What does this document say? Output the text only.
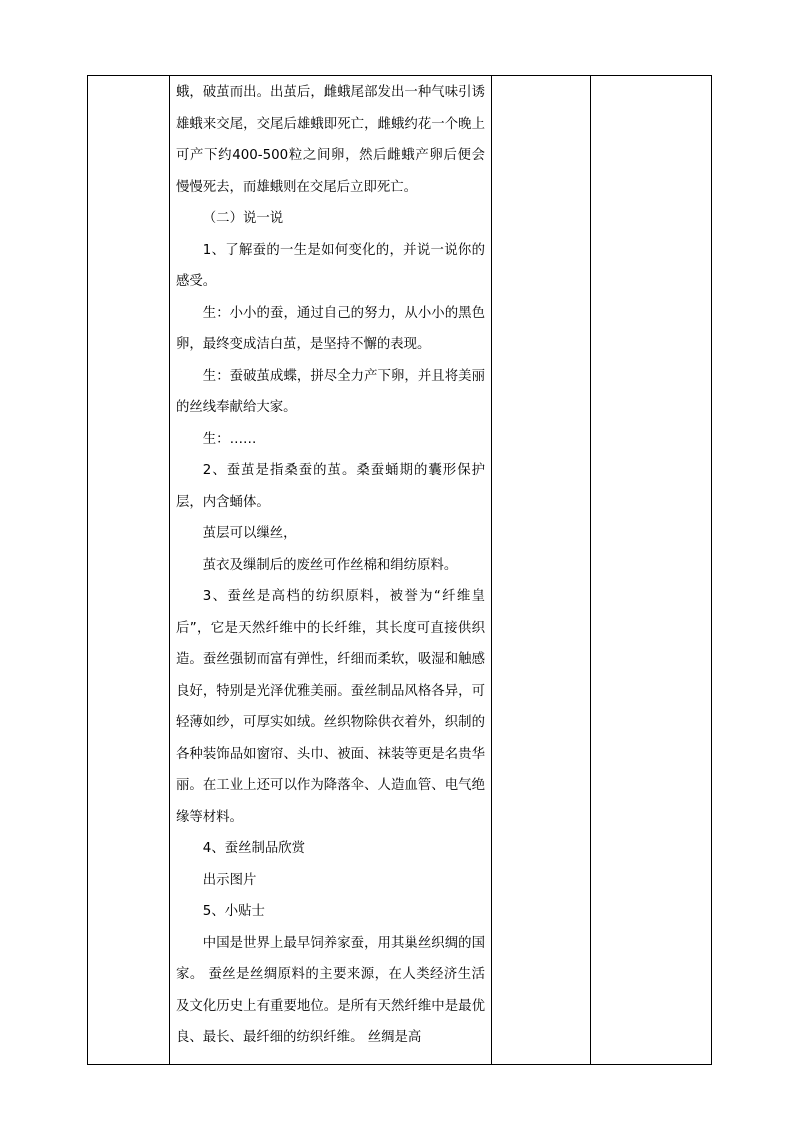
蛾，破茧而出。出茧后，雌蛾尾部发出一种气味引诱雄蛾来交尾，交尾后雄蛾即死亡，雌蛾约花一个晚上可产下约400-500粒之间卵，然后雌蛾产卵后便会慢慢死去，而雄蛾则在交尾后立即死亡。

（二）说一说

1、了解蚕的一生是如何变化的，并说一说你的感受。

生：小小的蚕，通过自己的努力，从小小的黑色卵，最终变成洁白茧，是坚持不懈的表现。

生：蚕破茧成蝶，拼尽全力产下卵，并且将美丽的丝线奉献给大家。

生：……

2、蚕茧是指桑蚕的茧。桑蚕蛹期的囊形保护层，内含蛹体。

茧层可以缫丝，

茧衣及缫制后的废丝可作丝棉和绢纺原料。

3、蚕丝是高档的纺织原料，被誉为“纤维皇后”，它是天然纤维中的长纤维，其长度可直接供织造。蚕丝强韧而富有弹性，纤细而柔软，吸湿和触感良好，特别是光泽优雅美丽。蚕丝制品风格各异，可轻薄如纱，可厚实如绒。丝织物除供衣着外，织制的各种装饰品如窗帘、头巾、被面、袜装等更是名贵华丽。在工业上还可以作为降落伞、人造血管、电气绝缘等材料。

4、蚕丝制品欣赏

出示图片

5、小贴士

中国是世界上最早饲养家蚕，用其巢丝织绸的国家。 蚕丝是丝绸原料的主要来源，在人类经济生活及文化历史上有重要地位。是所有天然纤维中是最优良、最长、最纤细的纺织纤维。 丝绸是高
